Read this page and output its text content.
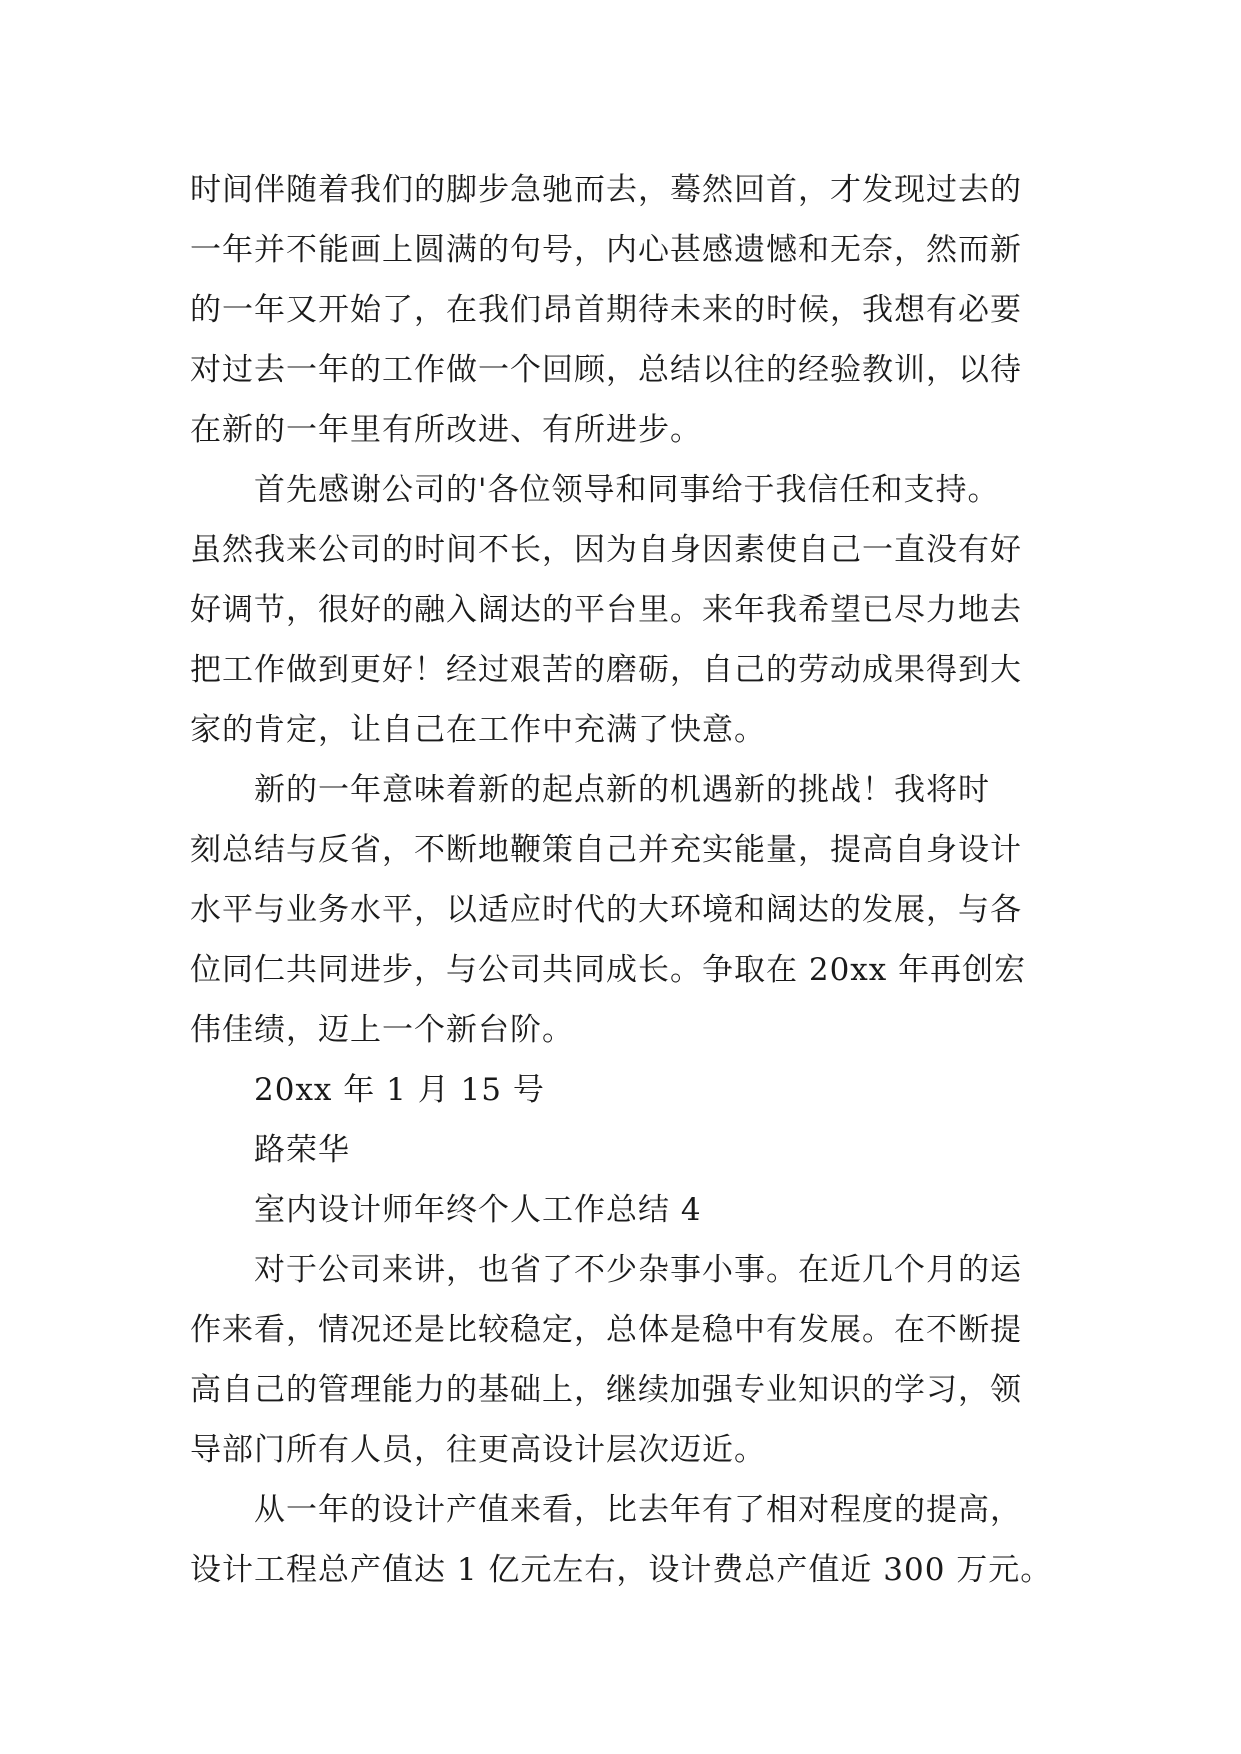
时间伴随着我们的脚步急驰而去，蓦然回首，才发现过去的
一年并不能画上圆满的句号，内心甚感遗憾和无奈，然而新
的一年又开始了，在我们昂首期待未来的时候，我想有必要
对过去一年的工作做一个回顾，总结以往的经验教训，以待
在新的一年里有所改进、有所进步。
首先感谢公司的'各位领导和同事给于我信任和支持。
虽然我来公司的时间不长，因为自身因素使自己一直没有好
好调节，很好的融入阔达的平台里。来年我希望已尽力地去
把工作做到更好！经过艰苦的磨砺，自己的劳动成果得到大
家的肯定，让自己在工作中充满了快意。
新的一年意味着新的起点新的机遇新的挑战！我将时
刻总结与反省，不断地鞭策自己并充实能量，提高自身设计
水平与业务水平，以适应时代的大环境和阔达的发展，与各
位同仁共同进步，与公司共同成长。争取在 20xx 年再创宏
伟佳绩，迈上一个新台阶。
20xx 年 1 月 15 号
路荣华
室内设计师年终个人工作总结 4
对于公司来讲，也省了不少杂事小事。在近几个月的运
作来看，情况还是比较稳定，总体是稳中有发展。在不断提
高自己的管理能力的基础上，继续加强专业知识的学习，领
导部门所有人员，往更高设计层次迈近。
从一年的设计产值来看，比去年有了相对程度的提高，
设计工程总产值达 1 亿元左右，设计费总产值近 300 万元。
